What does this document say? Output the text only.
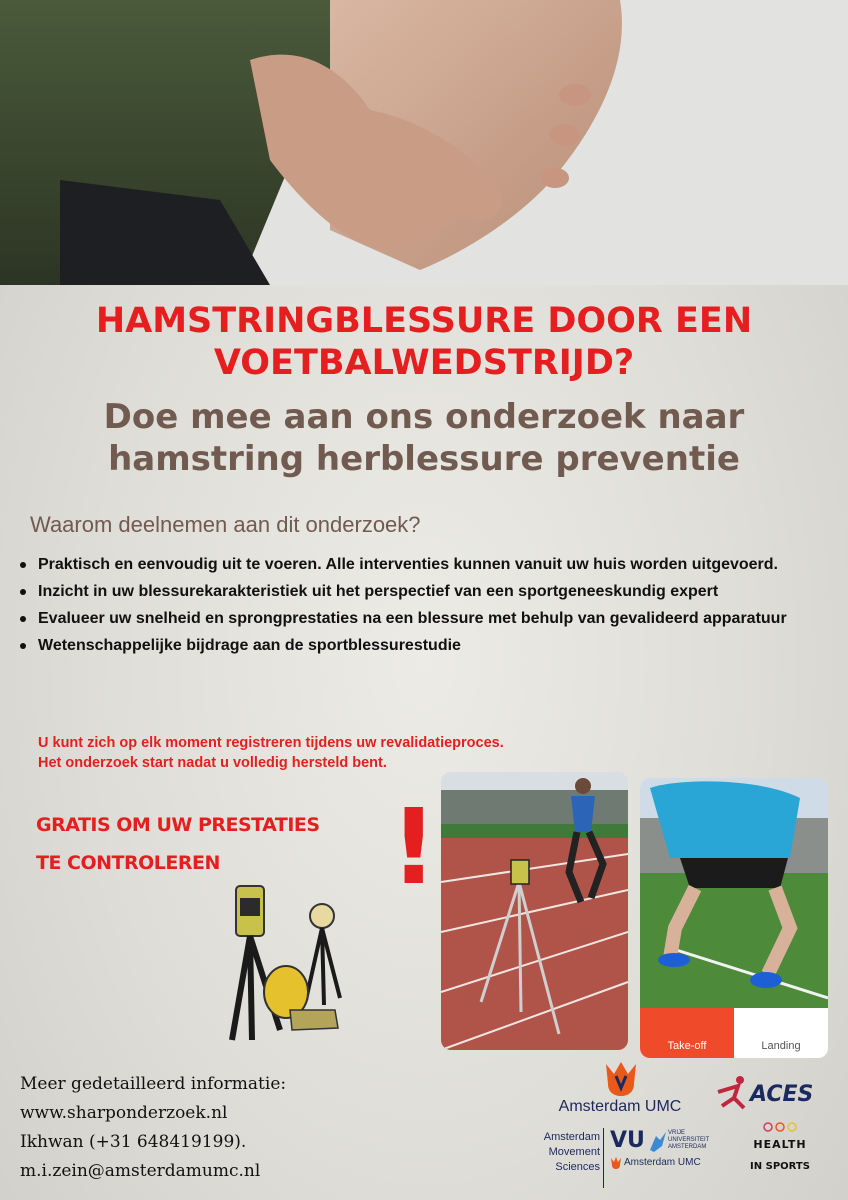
HAMSTRINGBLESSURE DOOR EEN
VOETBALWEDSTRIJD?
Doe mee aan ons onderzoek naar
hamstring herblessure preventie
Waarom deelnemen aan dit onderzoek?
Praktisch en eenvoudig uit te voeren. Alle interventies kunnen vanuit uw huis worden uitgevoerd.
Inzicht in uw blessurekarakteristiek uit het perspectief van een sportgeneeskundig expert
Evalueer uw snelheid en sprongprestaties na een blessure met behulp van gevalideerd apparatuur
Wetenschappelijke bijdrage aan de sportblessurestudie

U kunt zich op elk moment registreren tijdens uw revalidatieproces.
Het onderzoek start nadat u volledig hersteld bent.

GRATIS OM UW PRESTATIES
TE CONTROLEREN	!
Take-off	Landing

Meer gedetailleerd informatie:
www.sharponderzoek.nl
Ikhwan (+31 648419199).
m.i.zein@amsterdamumc.nl

Amsterdam UMC
Amsterdam
Movement
Sciences
VU	VRIJE
UNIVERSITEIT
AMSTERDAM
Amsterdam UMC
ACES
HEALTH
IN SPORTS
